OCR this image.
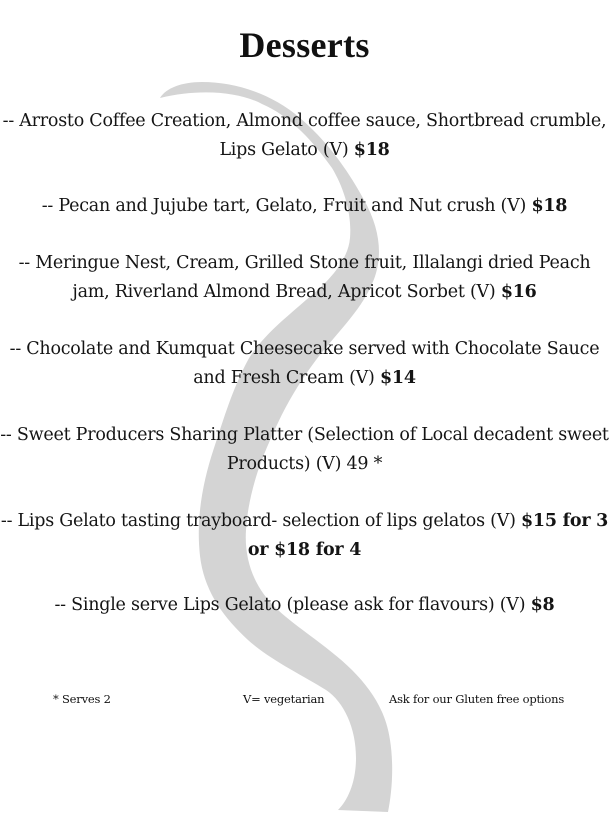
Desserts
-- Arrosto Coffee Creation, Almond coffee sauce, Shortbread crumble, Lips Gelato (V) $18
-- Pecan and Jujube tart, Gelato, Fruit and Nut crush (V) $18
-- Meringue Nest, Cream, Grilled Stone fruit, Illalangi dried Peach jam, Riverland Almond Bread, Apricot Sorbet (V) $16
-- Chocolate and Kumquat Cheesecake served with Chocolate Sauce and Fresh Cream (V) $14
-- Sweet Producers Sharing Platter (Selection of Local decadent sweet Products) (V) 49 *
-- Lips Gelato tasting trayboard- selection of lips gelatos (V) $15 for 3 or $18 for 4
-- Single serve Lips Gelato (please ask for flavours) (V) $8
* Serves 2	V= vegetarian	Ask for our Gluten free options
